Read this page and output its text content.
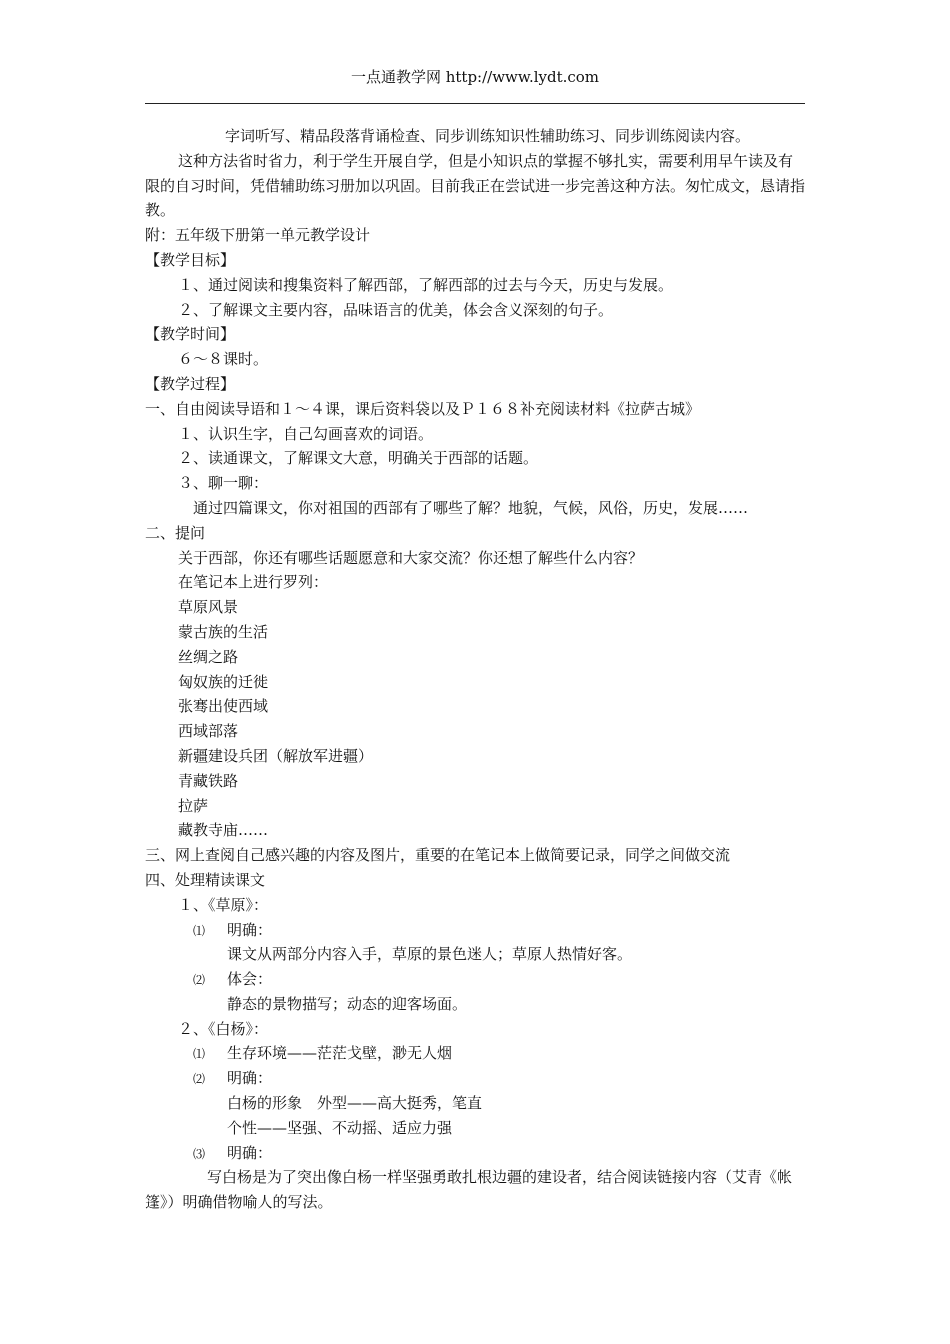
一点通教学网 http://www.lydt.com
字词听写、精品段落背诵检查、同步训练知识性辅助练习、同步训练阅读内容。
这种方法省时省力，利于学生开展自学，但是小知识点的掌握不够扎实，需要利用早午读及有限的自习时间，凭借辅助练习册加以巩固。目前我正在尝试进一步完善这种方法。匆忙成文，恳请指教。
附：五年级下册第一单元教学设计
【教学目标】
１、通过阅读和搜集资料了解西部，了解西部的过去与今天，历史与发展。
２、了解课文主要内容，品味语言的优美，体会含义深刻的句子。
【教学时间】
６～８课时。
【教学过程】
一、自由阅读导语和１～４课，课后资料袋以及Ｐ１６８补充阅读材料《拉萨古城》
１、认识生字，自己勾画喜欢的词语。
２、读通课文，了解课文大意，明确关于西部的话题。
３、聊一聊：
通过四篇课文，你对祖国的西部有了哪些了解？地貌，气候，风俗，历史，发展……
二、提问
关于西部，你还有哪些话题愿意和大家交流？你还想了解些什么内容？
在笔记本上进行罗列：
草原风景
蒙古族的生活
丝绸之路
匈奴族的迁徙
张骞出使西域
西域部落
新疆建设兵团（解放军进疆）
青藏铁路
拉萨
藏教寺庙……
三、网上查阅自己感兴趣的内容及图片，重要的在笔记本上做简要记录，同学之间做交流
四、处理精读课文
１、《草原》：
⑴ 明确：
课文从两部分内容入手，草原的景色迷人；草原人热情好客。
⑵ 体会：
静态的景物描写；动态的迎客场面。
２、《白杨》：
⑴ 生存环境——茫茫戈壁，渺无人烟
⑵ 明确：
白杨的形象　外型——高大挺秀，笔直
个性——坚强、不动摇、适应力强
⑶ 明确：
写白杨是为了突出像白杨一样坚强勇敢扎根边疆的建设者，结合阅读链接内容（艾青《帐篷》）明确借物喻人的写法。
